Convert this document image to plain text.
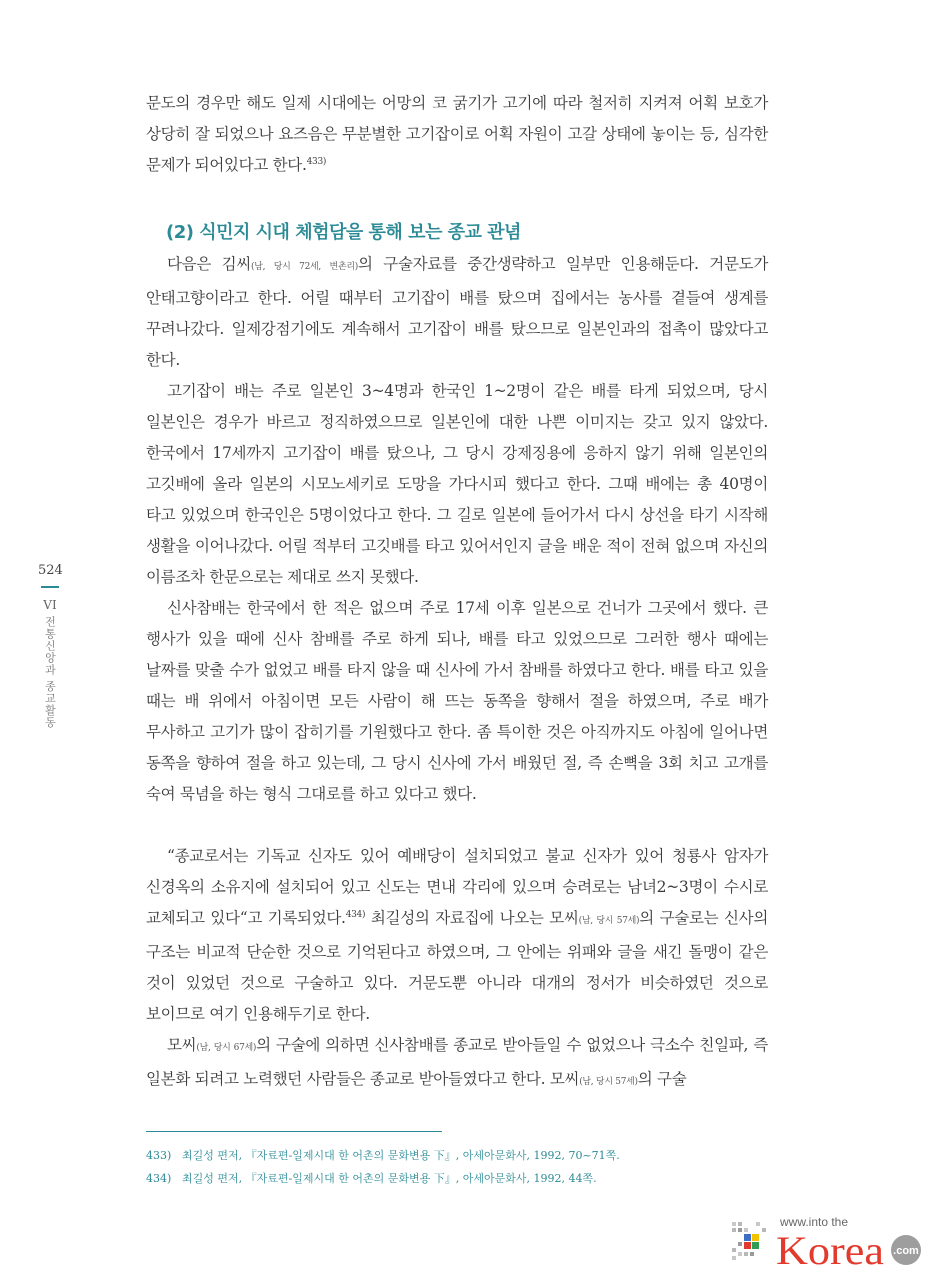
문도의 경우만 해도 일제 시대에는 어망의 코 굵기가 고기에 따라 철저히 지켜져 어획 보호가 상당히 잘 되었으나 요즈음은 무분별한 고기잡이로 어획 자원이 고갈 상태에 놓이는 등, 심각한 문제가 되어있다고 한다.$^{433)}$

(2) 식민지 시대 체험담을 통해 보는 종교 관념

다음은 김씨(남, 당시 72세, 변촌리)의 구술자료를 중간생략하고 일부만 인용해둔다. 거문도가 안태고향이라고 한다. 어릴 때부터 고기잡이 배를 탔으며 집에서는 농사를 곁들여 생계를 꾸려나갔다. 일제강점기에도 계속해서 고기잡이 배를 탔으므로 일본인과의 접촉이 많았다고 한다.

고기잡이 배는 주로 일본인 3~4명과 한국인 1~2명이 같은 배를 타게 되었으며, 당시 일본인은 경우가 바르고 정직하였으므로 일본인에 대한 나쁜 이미지는 갖고 있지 않았다. 한국에서 17세까지 고기잡이 배를 탔으나, 그 당시 강제징용에 응하지 않기 위해 일본인의 고깃배에 올라 일본의 시모노세키로 도망을 가다시피 했다고 한다. 그때 배에는 총 40명이 타고 있었으며 한국인은 5명이었다고 한다. 그 길로 일본에 들어가서 다시 상선을 타기 시작해 생활을 이어나갔다. 어릴 적부터 고깃배를 타고 있어서인지 글을 배운 적이 전혀 없으며 자신의 이름조차 한문으로는 제대로 쓰지 못했다.

신사참배는 한국에서 한 적은 없으며 주로 17세 이후 일본으로 건너가 그곳에서 했다. 큰 행사가 있을 때에 신사 참배를 주로 하게 되나, 배를 타고 있었으므로 그러한 행사 때에는 날짜를 맞출 수가 없었고 배를 타지 않을 때 신사에 가서 참배를 하였다고 한다. 배를 타고 있을 때는 배 위에서 아침이면 모든 사람이 해 뜨는 동쪽을 향해서 절을 하였으며, 주로 배가 무사하고 고기가 많이 잡히기를 기원했다고 한다. 좀 특이한 것은 아직까지도 아침에 일어나면 동쪽을 향하여 절을 하고 있는데, 그 당시 신사에 가서 배웠던 절, 즉 손뼉을 3회 치고 고개를 숙여 묵념을 하는 형식 그대로를 하고 있다고 했다.

“종교로서는 기독교 신자도 있어 예배당이 설치되었고 불교 신자가 있어 청룡사 암자가 신경옥의 소유지에 설치되어 있고 신도는 면내 각리에 있으며 승려로는 남녀2~3명이 수시로 교체되고 있다“고 기록되었다.$^{434)}$ 최길성의 자료집에 나오는 모씨(남, 당시 57세)의 구술로는 신사의 구조는 비교적 단순한 것으로 기억된다고 하였으며, 그 안에는 위패와 글을 새긴 돌맹이 같은 것이 있었던 것으로 구술하고 있다. 거문도뿐 아니라 대개의 정서가 비슷하였던 것으로 보이므로 여기 인용해두기로 한다.

모씨(남, 당시 67세)의 구술에 의하면 신사참배를 종교로 받아들일 수 없었으나 극소수 친일파, 즉 일본화 되려고 노력했던 사람들은 종교로 받아들였다고 한다. 모씨(남, 당시 57세)의 구술

524
VI
전통신앙과 종교활동
433) 최길성 편저, 『자료편-일제시대 한 어촌의 문화변용 下』, 아세아문화사, 1992, 70~71쪽.
434) 최길성 편저, 『자료편-일제시대 한 어촌의 문화변용 下』, 아세아문화사, 1992, 44쪽.
www.into the
Korea .com
